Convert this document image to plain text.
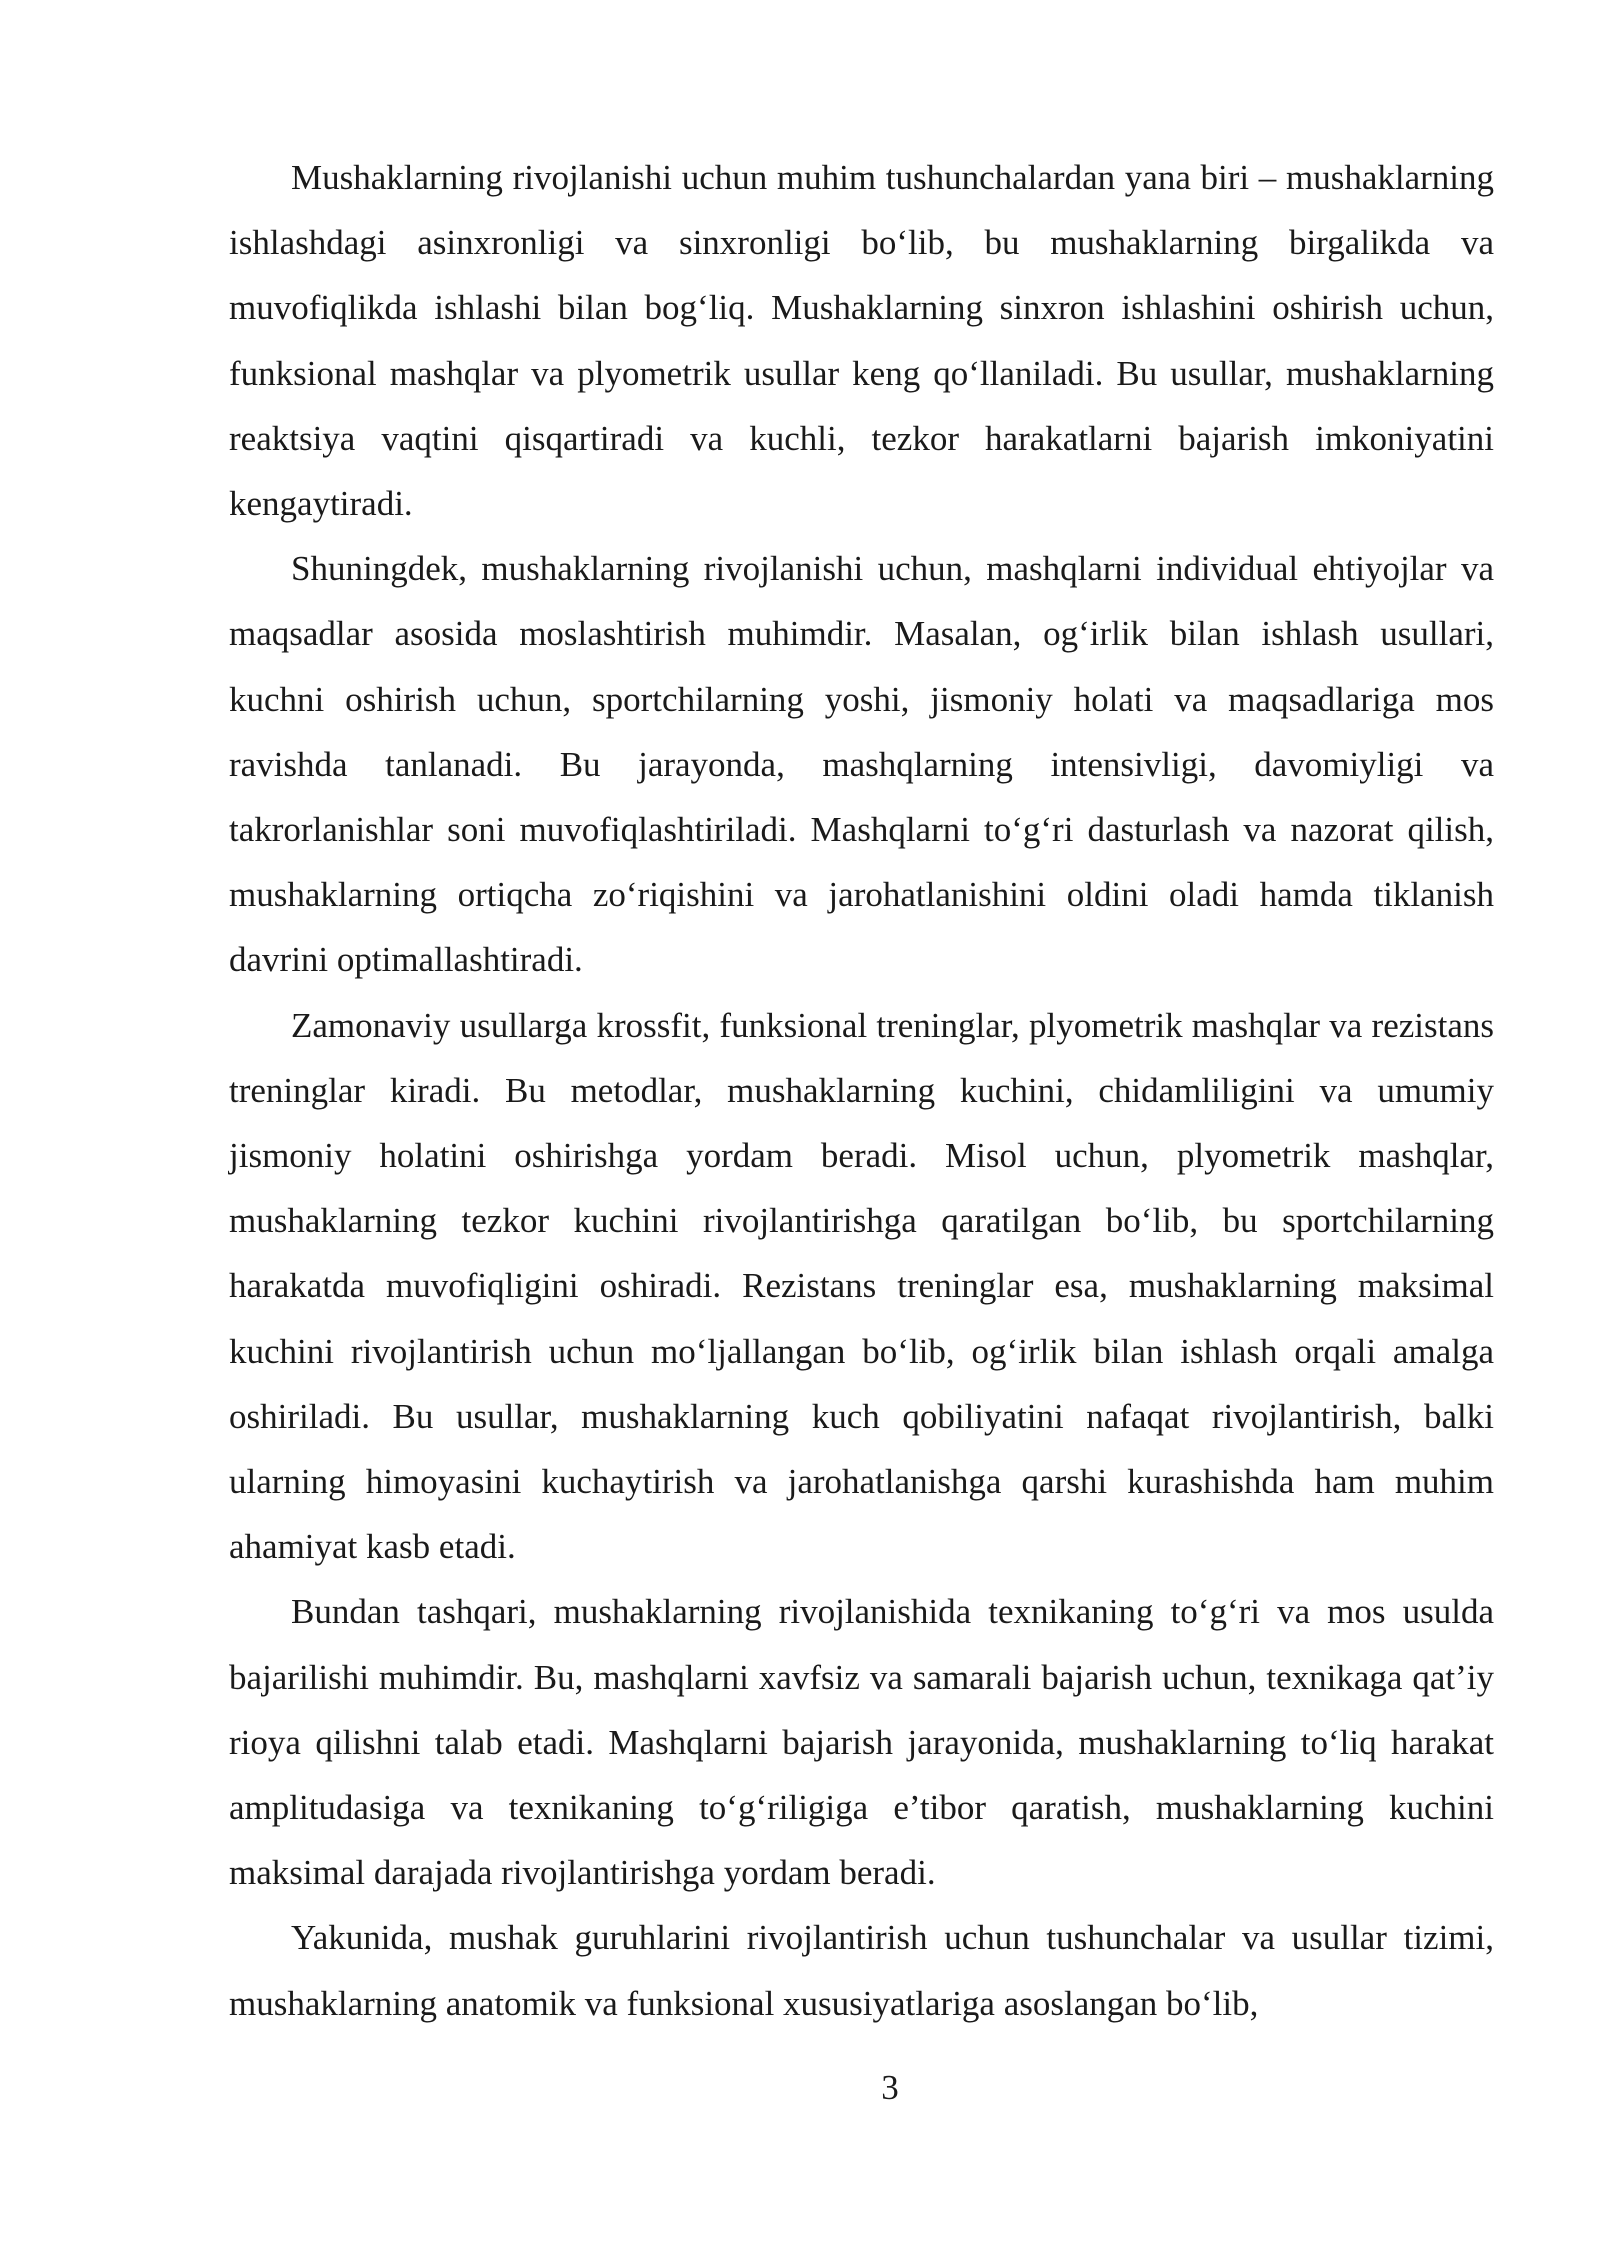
Mushaklarning rivojlanishi uchun muhim tushunchalardan yana biri – mushaklarning ishlashdagi asinxronligi va sinxronligi bo‘lib, bu mushaklarning birgalikda va muvofiqlikda ishlashi bilan bog‘liq. Mushaklarning sinxron ishlashini oshirish uchun, funksional mashqlar va plyometrik usullar keng qo‘llaniladi. Bu usullar, mushaklarning reaktsiya vaqtini qisqartiradi va kuchli, tezkor harakatlarni bajarish imkoniyatini kengaytiradi.

Shuningdek, mushaklarning rivojlanishi uchun, mashqlarni individual ehtiyojlar va maqsadlar asosida moslashtirish muhimdir. Masalan, og‘irlik bilan ishlash usullari, kuchni oshirish uchun, sportchilarning yoshi, jismoniy holati va maqsadlariga mos ravishda tanlanadi. Bu jarayonda, mashqlarning intensivligi, davomiyligi va takrorlanishlar soni muvofiqlashtiriladi. Mashqlarni to‘g‘ri dasturlash va nazorat qilish, mushaklarning ortiqcha zo‘riqishini va jarohatlanishini oldini oladi hamda tiklanish davrini optimallashtiradi.

Zamonaviy usullarga krossfit, funksional treninglar, plyometrik mashqlar va rezistans treninglar kiradi. Bu metodlar, mushaklarning kuchini, chidamliligini va umumiy jismoniy holatini oshirishga yordam beradi. Misol uchun, plyometrik mashqlar, mushaklarning tezkor kuchini rivojlantirishga qaratilgan bo‘lib, bu sportchilarning harakatda muvofiqligini oshiradi. Rezistans treninglar esa, mushaklarning maksimal kuchini rivojlantirish uchun mo‘ljallangan bo‘lib, og‘irlik bilan ishlash orqali amalga oshiriladi. Bu usullar, mushaklarning kuch qobiliyatini nafaqat rivojlantirish, balki ularning himoyasini kuchaytirish va jarohatlanishga qarshi kurashishda ham muhim ahamiyat kasb etadi.

Bundan tashqari, mushaklarning rivojlanishida texnikaning to‘g‘ri va mos usulda bajarilishi muhimdir. Bu, mashqlarni xavfsiz va samarali bajarish uchun, texnikaga qat’iy rioya qilishni talab etadi. Mashqlarni bajarish jarayonida, mushaklarning to‘liq harakat amplitudasiga va texnikaning to‘g‘riligiga e’tibor qaratish, mushaklarning kuchini maksimal darajada rivojlantirishga yordam beradi.

Yakunida, mushak guruhlarini rivojlantirish uchun tushunchalar va usullar tizimi, mushaklarning anatomik va funksional xususiyatlariga asoslangan bo‘lib,

3
